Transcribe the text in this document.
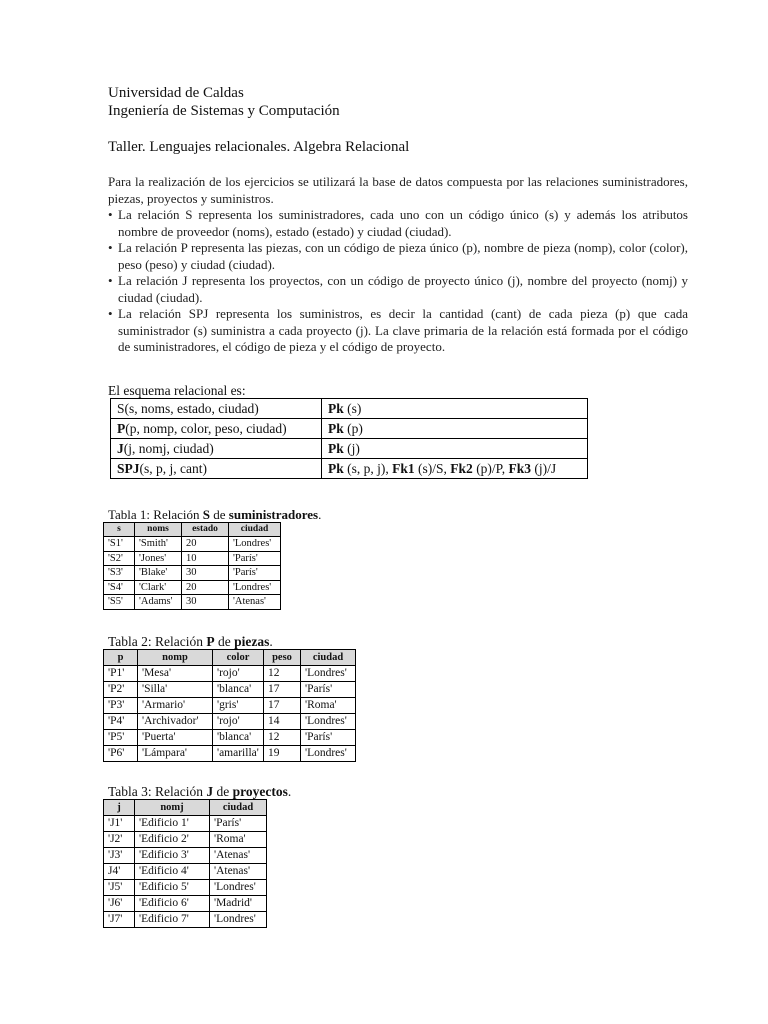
Universidad de Caldas
Ingeniería de Sistemas y Computación
Taller. Lenguajes relacionales. Algebra Relacional

Para la realización de los ejercicios se utilizará la base de datos compuesta por las relaciones suministradores, piezas, proyectos y suministros.

• La relación S representa los suministradores, cada uno con un código único (s) y además los atributos nombre de proveedor (noms), estado (estado) y ciudad (ciudad).
• La relación P representa las piezas, con un código de pieza único (p), nombre de pieza (nomp), color (color), peso (peso) y ciudad (ciudad).
• La relación J representa los proyectos, con un código de proyecto único (j), nombre del proyecto (nomj) y ciudad (ciudad).
• La relación SPJ representa los suministros, es decir la cantidad (cant) de cada pieza (p) que cada suministrador (s) suministra a cada proyecto (j). La clave primaria de la relación está formada por el código de suministradores, el código de pieza y el código de proyecto.
El esquema relacional es:
S(s, noms, estado, ciudad)	Pk (s)
P(p, nomp, color, peso, ciudad)	Pk (p)
J(j, nomj, ciudad)	Pk (j)
SPJ(s, p, j, cant)	Pk (s, p, j), Fk1 (s)/S, Fk2 (p)/P, Fk3 (j)/J
Tabla 1: Relación S de suministradores.
s	noms	estado	ciudad
'S1'	'Smith'	20	'Londres'
'S2'	'Jones'	10	'París'
'S3'	'Blake'	30	'París'
'S4'	'Clark'	20	'Londres'
'S5'	'Adams'	30	'Atenas'
Tabla 2: Relación P de piezas.
p	nomp	color	peso	ciudad
'P1'	'Mesa'	'rojo'	12	'Londres'
'P2'	'Silla'	'blanca'	17	'París'
'P3'	'Armario'	'gris'	17	'Roma'
'P4'	'Archivador'	'rojo'	14	'Londres'
'P5'	'Puerta'	'blanca'	12	'París'
'P6'	'Lámpara'	'amarilla'	19	'Londres'
Tabla 3: Relación J de proyectos.
j	nomj	ciudad
'J1'	'Edificio 1'	'París'
'J2'	'Edificio 2'	'Roma'
'J3'	'Edificio 3'	'Atenas'
J4'	'Edificio 4'	'Atenas'
'J5'	'Edificio 5'	'Londres'
'J6'	'Edificio 6'	'Madrid'
'J7'	'Edificio 7'	'Londres'
